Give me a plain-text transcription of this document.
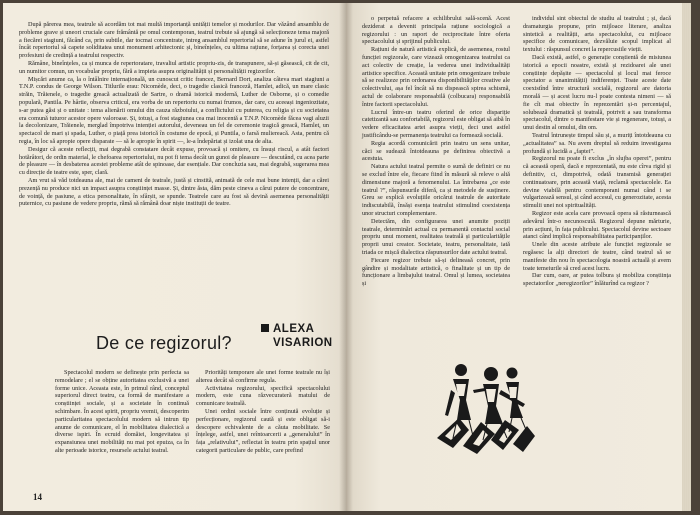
După părerea mea, teatrule să acordăm tot mai multă importanță unității temelor și modurilor. Dar văzând ansamblu de probleme grave și uneori cruciale care frământă pe omul contemporan, teatrul trebuie să ajungă să selecționeze tema majoră a fiecărei stagiuni, făcând ca, prin subtile, dar tocmai concentrate, intreg ansamblul repertorial să se adune în jurul ei, astfel încât repertoriul să capete soliditatea unui monument arhitectonic și, bineînțeles, cu ultima rațiune, forțarea și corecta unei profesiuni de credință a teatrului respectiv.

Rămâne, bineînțeles, ca și munca de repertoratare, travaliul artistic propriu-zis, de transpunere, să-și găsească, cit de cit, un numitor comun, un vocabular propriu, fără a impieta asupra originalității și personalității regizorilor.

Mișcări anume ca, la o întâlnire internațională, un cunoscut critic francez, Bernard Dort, analiza câteva mari stagiuni a T.N.P. condus de George Wilson. Titlurile erau: Nicomède, deci, o tragedie clasică franceză, Hamlet, adică, un mare clasic străin, Trăienele, o tragedie greacă actualizată de Sartre, o dramă istorică modernă, Luther de Osborne, și o comedie populară, Pantila. Pe hârtie, observa criticul, era vorba de un repertoriu cu numai frumos, dar care, cu aceeași ingeniozitate, s-ar putea găsi și o unitate : tema alienării omului din cauza războiului, a conflictului cu puterea, cu religia și cu societatea era comună tuturor acestor opere valoroase. Și, totuși, a fost stagiunea cea mai inocentă a T.N.P. Nicomède făcea vagi aluzii la decolonizare, Trăienele, merglad împotriva intenției autorului, deveneau un fel de ceremonie tragică greacă, Hamlet, un spectacol de mari și spada, Luther, o piață prea istorică în costume de epocă, și Puntila, o farsă muliereacă. Asta, pentru că regia, în loc să apropie opere disparate — să le apropie în spirit —, le-a îndepărtat și izolat una de alta.

Desigur că aceste reflecții, mai degrabă constatare decât expuse, provoacă și omitere, cu însuși riscul, a atât factori hotărâtori, de ordin material, le chefoarea repertoriului, nu pot fi tema decât un gunoi de pleasure — descutând, cu acea parte de pleasure — în desbaterea acestei probleme atât de spinoase, dar esențiale. Dar concluzia sau, mai degrabă, sugerarea mea cu direcție de teatre este, sper, clară.

Am vrut să văd totdeauna ale, mai de cameni de teatrale, justă și cinstită, animată de cele mai bune intenții, dar a cărei prezență nu produce nici un impact asupra conștiinței masse. Și, dintre ăsta, dăm peste cineva a cărui putere de concentrare, de voință, de pasiune, a etica personalitate, în sfârșit, se spunde. Teatrele care au fost să devină asemenea personalității puternice, cu pasiune de vedere propriu, rămă să rămână doar niște instituții de teatre.

ALEXA
VISARION
De ce regizorul?

Spectacolul modern se definește prin perfecta sa remodelare ; el se obține autoritatea exclusivă a unei forme unice. Aceasta este, în primul rând, conceptul superiorul direct teatru, ca formă de manifestare a conștiinței sociale, și a societate în continuă schimbare. În acest spirit, propriu vremii, descoperim particularitatea spectacolului modern să intrun tip anume de comunicare, el în mobilitatea dialectică a diverse ispiri. În ecruid domăiei, longevitatea și expansiunea unei mobilități nu mai pot epuiza, ca în alte perioade istorice, resursele actului teatral.

Priorități temporare ale unei forme teatrale nu își alterea decât să confirme regula.

Activitatea regizorului, specifică spectacolului modern, este cuna răzvecurateră matului de comunicare teatrală.

Unei ordini sociale între conținută evoluție și perfecționare, regizorul caută și este obligat să-i descopere echivalente de a căuta mobilitate. Se înțelege, astfel, unei reîntoarcerii a „generalului” în fața „relativului”, reflectat în teatru prin spațiul unor categorii particulare de public, care prefind

14

o perpetuă refacere a echilibrului sală-scenă. Acest deziderat a devenit principala rațiune sociologică a regizorului : un raport de reciprocitate între oferta spectacolului și sprijinul publicului.

Rațiuni de natură artistică explică, de asemenea, rostul funcției regizorale, care vizează omogenizarea teatrului ca act colectiv de creație, la vederea unei individualități artistice specifice. Această unitate prin omogenizare trebuie să se realizeze prin ordonarea disponibilităților creative ale colectivului, așa fel încât să nu dispească spirea schismă, actul de colaborare responsabilă (colbucara) responsabilă între factorii spectacolului.

Lucrul între-un teatru oferind de orice dispariție catetizantă sau confortabilă, regizorul este obligat să aibă în vedere eficacitatea artei asupra vieții, deci unei astfel justificându-se permanența teatrului ca formează socială.

Regia acordă comunicării prin teatru un sens unitar, căci se sudează întotdeauna pe definirea obiectivă a acestuia.

Natura actului teatral permite o sumă de definiri ce nu se exclud între ele, fiecare fiind în măsură să releve o altă dimensiune majoră a fenomenului. La întrebarea „ce este teatrul ?”, răspunsurile diferă, ca și metodele de susținere. Greu se explică evoluțiile oricărui teatrule de autoritate indiscutabilă, însăși esența teatrului stimulind coexistența unor structuri complementare.

Detectăm, din configurarea unei anumite poziții teatrale, determinări actual cu permanentă contactul social propriu unui moment, realitatea teatrală și particularitățile proprii unui creator. Societate, teatru, personalitate, iată triada ce mișcă dialectica răspunsurilor date actului teatral.

Fiecare regizor trebuie să-și delineasă concret, prin gândire și modalitate artistică, o finalitate și un tip de funcționare a limbajului teatral. Omul și lumea, societatea și

individul sint obiectul de studiu al teatrului ; și, dacă dramaturgia propune, prin mijloace literare, analiza sintetică a realității, arta spectacolului, cu mijloace specifice de comunicare, dezvăluie scopul implicat al textului : răspunsul concret la repercusiile vieții.

Dacă există, astfel, o generație conștientă de misiunea istorică a epocii noastre, există și rezidoarei ale unei conștiințe depășite — spectacolul și locul mai feroce spectator a unanimității) indiferenței. Toate aceste date coexistînd între structură socială, regizorul are datoria morală — și acest lucru nu-l poate contesta nimeni — să fie cît mai obiectiv în reprezentări și-n percentajul, solubează dramatică și teatrală, potrivit a sau transforma spectacolul, dintre o manifestare vie și regenerare, totuși, a unui destin al omului, din om.

Teatrul întrunește timpul său și, a muriți întotdeauna cu „actualitatea” sa. Nu avem dreptul să reduim investigarea profundă și lucidă a „faptei”.

Regizorul nu poate fi exclus „în slujba operei”, pentru că această operă, dacă e reprezentată, nu este cîrva rigid și definitiv, ci, dimpotrivă, odată transmisă generației continuatoare, prin această viață, reclamă spectacolele. Ea devine viabilă pentru contemporani numai când i se vulgarizează sensul, și când accesul, cu generozitate, acesta stimulii unei noi spiritualități.

Regizor este acela care provoacă opera să răsturnească adevărul într-o necunoscută. Regizorul depune mărturie, prin acțiuni, în fața publicului. Spectacolul devine sectoare atanci când implică responsabilitatea participanților.

Unele din aceste atribute ale funcției regizorale se regăsesc la alți directori de teatre, când teatrul să se manifeste din nou în spectacologia noastră actuală și avem toate temeiurile să cred acest lucru.

Dar cum, oare, ar putea tolbura și mobiliza conștiința spectatorilor „neregizorilor” înlăturînd ca regizor ?
